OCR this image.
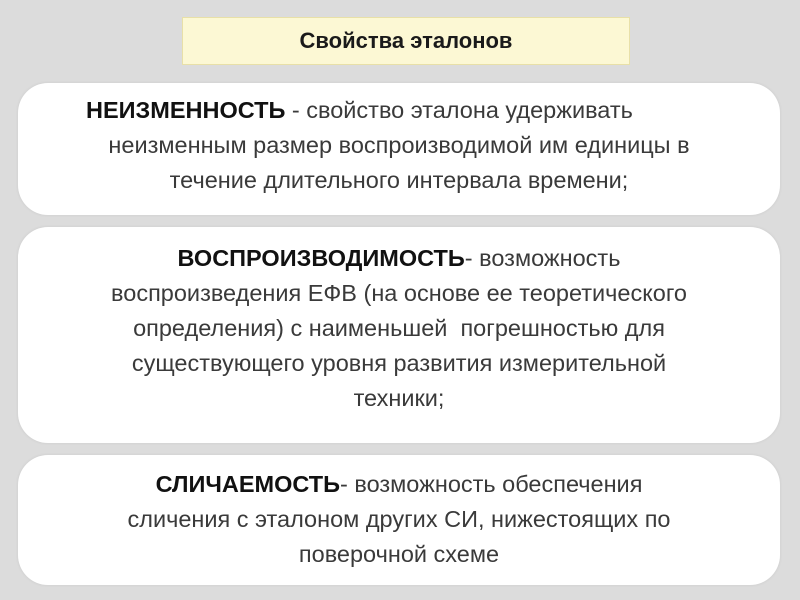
Свойства эталонов
НЕИЗМЕННОСТЬ - свойство эталона удерживать
неизменным размер воспроизводимой им единицы в
течение длительного интервала времени;
ВОСПРОИЗВОДИМОСТЬ- возможность
воспроизведения ЕФВ (на основе ее теоретического
определения) с наименьшей  погрешностью для
существующего уровня развития измерительной
техники;
СЛИЧАЕМОСТЬ- возможность обеспечения
сличения с эталоном других СИ, нижестоящих по
поверочной схеме
